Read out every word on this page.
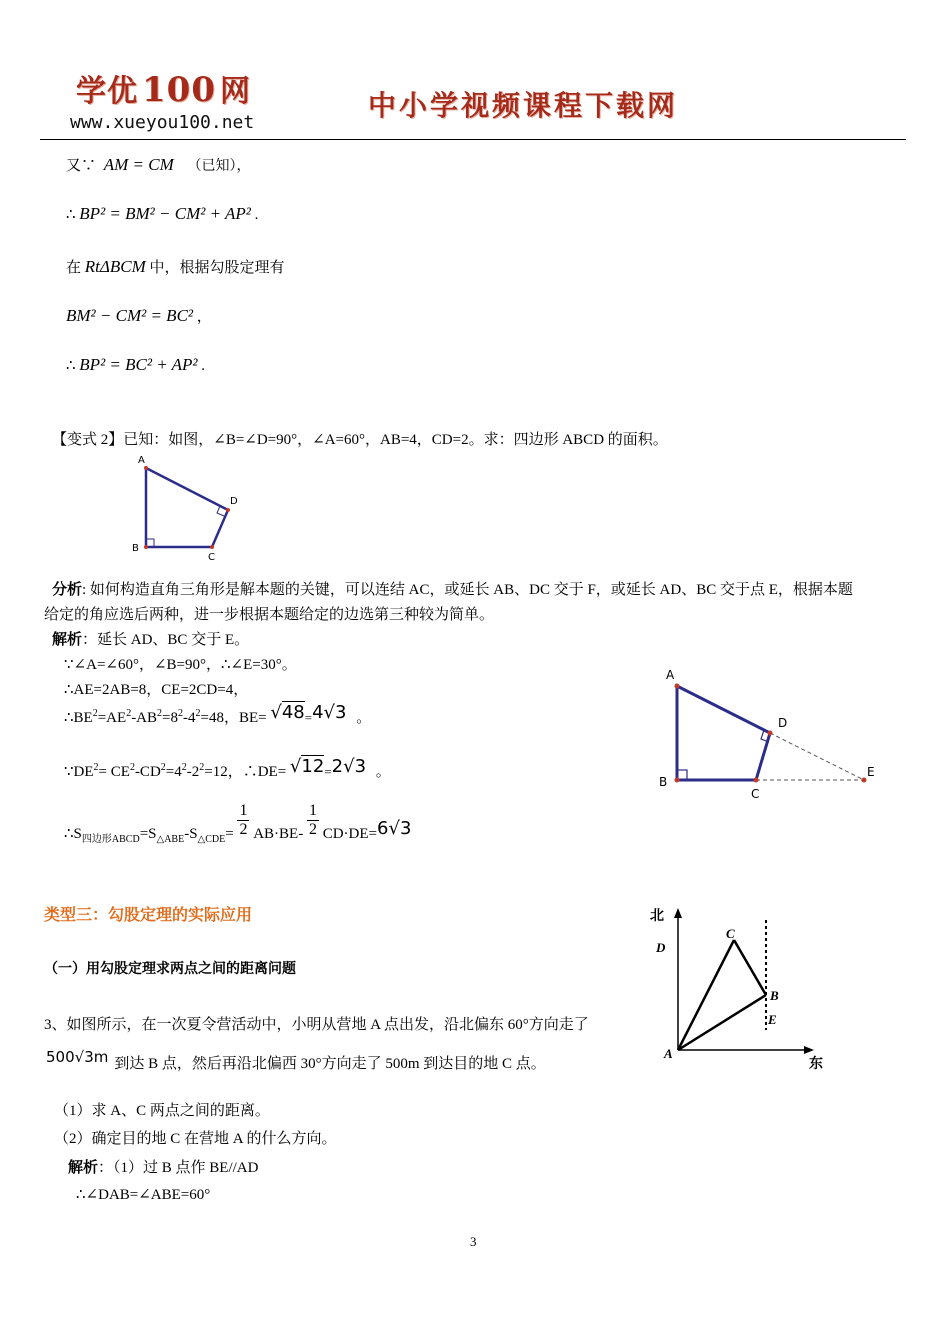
学优 100 网
www.xueyou100.net
中小学视频课程下载网
又∵ AM = CM （已知），
∴ BP² = BM² − CM² + AP² .
在 RtΔBCM 中，根据勾股定理有
BM² − CM² = BC² ，
∴ BP² = BC² + AP² .
【变式 2】已知：如图，∠B=∠D=90°，∠A=60°，AB=4，CD=2。求：四边形 ABCD 的面积。
A
D
B
C
分析: 如何构造直角三角形是解本题的关键，可以连结 AC，或延长 AB、DC 交于 F，或延长 AD、BC 交于点 E，根据本题
给定的角应选后两种，进一步根据本题给定的边选第三种较为简单。
解析：延长 AD、BC 交于 E。
∵∠A=∠60°，∠B=90°，∴∠E=30°。
∴AE=2AB=8，CE=2CD=4，
$\therefore BE^2=AE^2-AB^2=8^2-4^2=48$，BE= √48=4√3 。
$\because DE^2= CE^2-CD^2=4^2-2^2=12$，∴DE= √12=2√3 。
$\therefore S_{四边形ABCD}=S_{\triangle ABE}-S_{\triangle CDE}= \frac{1}{2} AB\cdot BE- \frac{1}{2} CD\cdot DE=6√3$
A
D
B
C
E
类型三：勾股定理的实际应用
（一）用勾股定理求两点之间的距离问题
3、如图所示，在一次夏令营活动中，小明从营地 A 点出发，沿北偏东 60°方向走了
500√3m 到达 B 点，然后再沿北偏西 30°方向走了 500m 到达目的地 C 点。
（1）求 A、C 两点之间的距离。
（2）确定目的地 C 在营地 A 的什么方向。
解析：（1）过 B 点作 BE//AD
∴∠DAB=∠ABE=60°
北
东
A
B
C
D
E
3
